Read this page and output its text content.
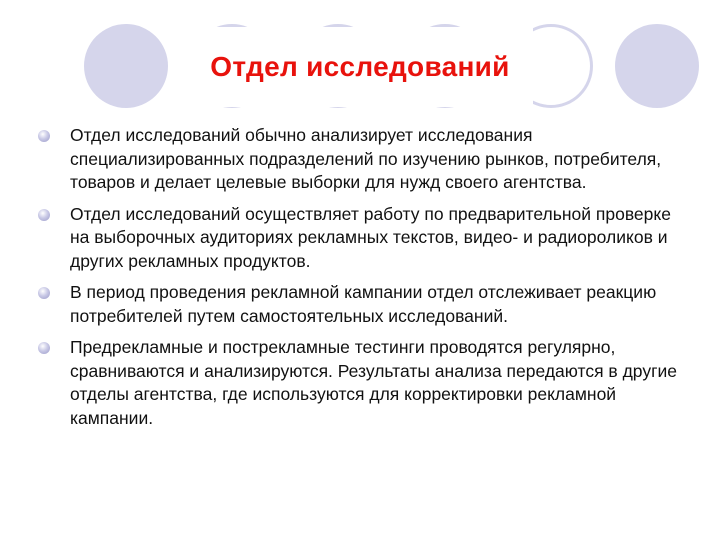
Отдел исследований
Отдел исследований обычно анализирует исследования специализированных подразделений по изучению рынков, потребителя, товаров и делает целевые выборки для нужд своего агентства.
Отдел исследований осуществляет работу по предварительной проверке на выборочных аудиториях рекламных текстов, видео- и радиороликов и других рекламных продуктов.
В период проведения рекламной кампании отдел отслеживает реакцию потребителей путем самостоятельных исследований.
Предрекламные и пострекламные тестинги проводятся регулярно, сравниваются и анализируются. Результаты анализа передаются в другие отделы агентства, где используются для корректировки рекламной кампании.
